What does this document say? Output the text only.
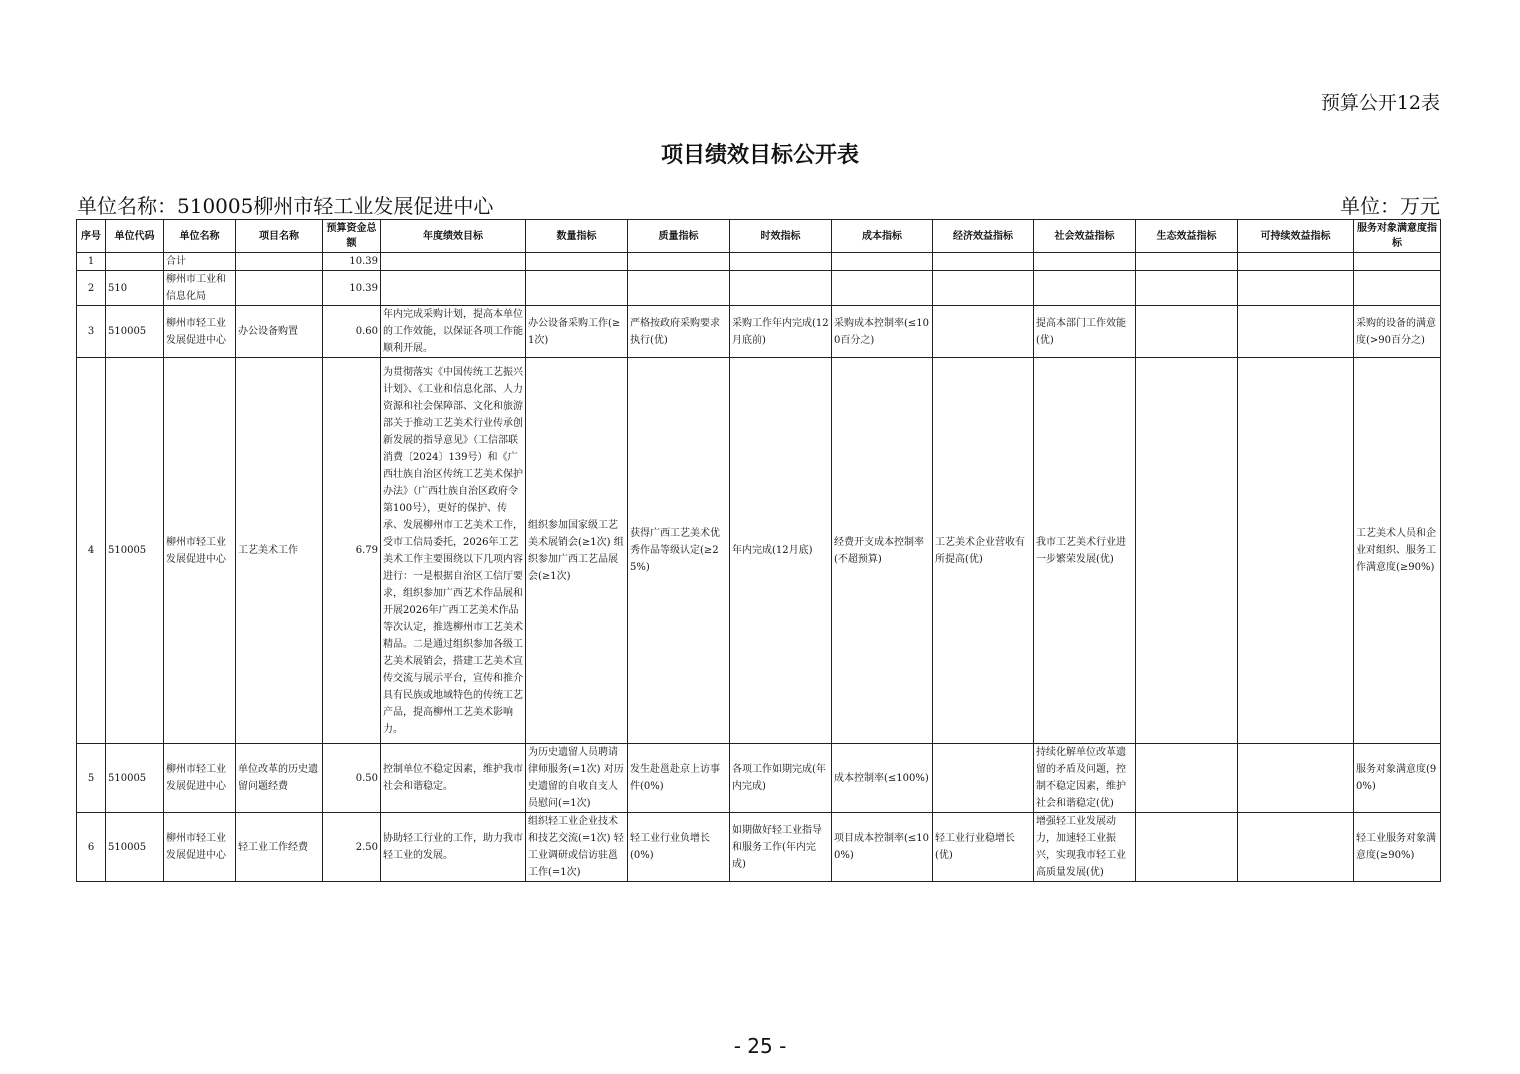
预算公开12表
项目绩效目标公开表
单位名称：510005柳州市轻工业发展促进中心	单位：万元
序号	单位代码	单位名称	项目名称	预算资金总额	年度绩效目标	数量指标	质量指标	时效指标	成本指标	经济效益指标	社会效益指标	生态效益指标	可持续效益指标	服务对象满意度指标
1		合计		10.39										
2	510	柳州市工业和信息化局		10.39										
3	510005	柳州市轻工业发展促进中心	办公设备购置	0.60	年内完成采购计划，提高本单位的工作效能，以保证各项工作能顺利开展。	办公设备采购工作(≥1次)	严格按政府采购要求执行(优)	采购工作年内完成(12月底前)	采购成本控制率(≤100百分之)		提高本部门工作效能(优)			采购的设备的满意度(>90百分之)
4	510005	柳州市轻工业发展促进中心	工艺美术工作	6.79	为贯彻落实《中国传统工艺振兴计划》、《工业和信息化部、人力资源和社会保障部、文化和旅游部关于推动工艺美术行业传承创新发展的指导意见》（工信部联消费〔2024〕139号）和《广西壮族自治区传统工艺美术保护办法》（广西壮族自治区政府令第100号），更好的保护、传承、发展柳州市工艺美术工作，受市工信局委托，2026年工艺美术工作主要围绕以下几项内容进行：一是根据自治区工信厅要求，组织参加广西艺术作品展和开展2026年广西工艺美术作品等次认定，推选柳州市工艺美术精品。二是通过组织参加各级工艺美术展销会，搭建工艺美术宣传交流与展示平台，宣传和推介具有民族或地域特色的传统工艺产品，提高柳州工艺美术影响力。	组织参加国家级工艺美术展销会(≥1次) 组织参加广西工艺品展会(≥1次)	获得广西工艺美术优秀作品等级认定(≥25%)	年内完成(12月底)	经费开支成本控制率(不超预算)	工艺美术企业营收有所提高(优)	我市工艺美术行业进一步繁荣发展(优)			工艺美术人员和企业对组织、服务工作满意度(≥90%)
5	510005	柳州市轻工业发展促进中心	单位改革的历史遗留问题经费	0.50	控制单位不稳定因素，维护我市社会和谐稳定。	为历史遗留人员聘请律师服务(=1次) 对历史遗留的自收自支人员慰问(=1次)	发生赴邕赴京上访事件(0%)	各项工作如期完成(年内完成)	成本控制率(≤100%)		持续化解单位改革遗留的矛盾及问题，控制不稳定因素，维护社会和谐稳定(优)			服务对象满意度(90%)
6	510005	柳州市轻工业发展促进中心	轻工业工作经费	2.50	协助轻工行业的工作，助力我市轻工业的发展。	组织轻工业企业技术和技艺交流(=1次) 轻工业调研或信访驻邕工作(=1次)	轻工业行业负增长(0%)	如期做好轻工业指导和服务工作(年内完成)	项目成本控制率(≤100%)	轻工业行业稳增长(优)	增强轻工业发展动力，加速轻工业振兴，实现我市轻工业高质量发展(优)			轻工业服务对象满意度(≥90%)
- 25 -
